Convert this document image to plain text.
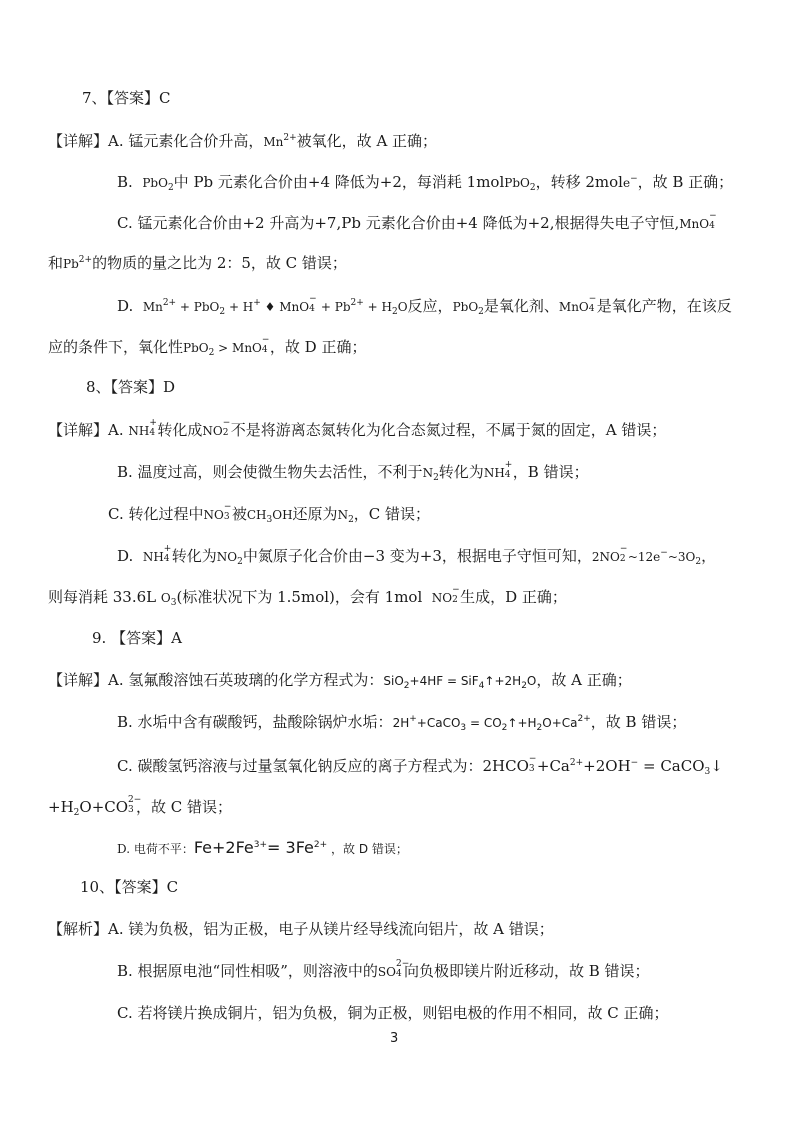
7、【答案】C
【详解】A. 锰元素化合价升高，$Mn^{2+}$被氧化，故 A 正确；
B. PbO$_2$中 Pb 元素化合价由+4 降低为+2，每消耗 1molPbO$_2$，转移 2mole−，故 B 正确；
C. 锰元素化合价由+2 升高为+7,Pb 元素化合价由+4 降低为+2,根据得失电子守恒,MnO
−
4
和$Pb^{2+}$的物质的量之比为 2：5，故 C 错误；
D. $Mn^{2+} + PbO_2 + H^+$ ♦ MnO
−
$4 + Pb^{2+} + H_2O$反应，PbO$_2$是氧化剂、MnO
−
4 是氧化产物，在该反
应的条件下，氧化性PbO$_2$ > MnO
−
4 ，故 D 正确；
8、【答案】D
【详解】A. NH
+
4 转化成NO
−
2 不是将游离态氮转化为化合态氮过程，不属于氮的固定，A 错误；
B. 温度过高，则会使微生物失去活性，不利于$N_2$转化为NH
+
4 ，B 错误；
C. 转化过程中NO
−
3 被$CH_3OH$还原为$N_2$，C 错误；
D. NH
+
4 转化为$NO_2$中氮原子化合价由−3 变为+3，根据电子守恒可知，2NO
−
2 $\sim 12e^-\sim 3O_2$，
则每消耗 33.6L $O_3$(标准状况下为 1.5mol)，会有 1mol NO
−
2 生成，D 正确；
9. 【答案】A
【详解】A. 氢氟酸溶蚀石英玻璃的化学方程式为：$SiO_2+4HF = SiF_4↑+2H_2O$，故 A 正确；
B. 水垢中含有碳酸钙，盐酸除锅炉水垢：2H++CaCO$_3$ = $CO_2↑+H_2O+Ca^{2+}$，故 B 错误；
C. 碳酸氢钙溶液与过量氢氧化钠反应的离子方程式为：2HCO −
$3 +Ca^{2+}+2OH^-$ = CaCO$_3$↓
$+H_2O+CO$ 2−
3 ，故 C 错误；
D. 电荷不平：$Fe+2Fe^{3+}= 3Fe^{2+}$ ，故 D 错误；
10、【答案】C
【解析】A. 镁为负极，铝为正极，电子从镁片经导线流向铝片，故 A 错误；
B. 根据原电池“同性相吸”，则溶液中的SO
2−
4 向负极即镁片附近移动，故 B 错误；
C. 若将镁片换成铜片，铝为负极，铜为正极，则铝电极的作用不相同，故 C 正确；
3
